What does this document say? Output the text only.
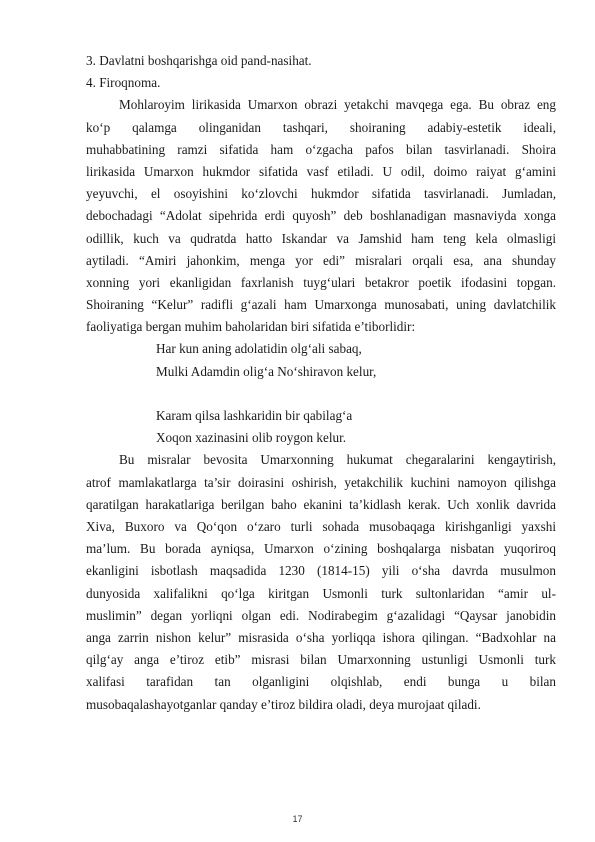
3. Davlatni boshqarishga oid pand-nasihat.
4. Firoqnoma.
Mohlaroyim lirikasida Umarxon obrazi yetakchi mavqega ega. Bu obraz eng
ko‘p qalamga olinganidan tashqari, shoiraning adabiy-estetik ideali,
muhabbatining ramzi sifatida ham o‘zgacha pafos bilan tasvirlanadi. Shoira
lirikasida Umarxon hukmdor sifatida vasf etiladi. U odil, doimo raiyat g‘amini
yeyuvchi, el osoyishini ko‘zlovchi hukmdor sifatida tasvirlanadi. Jumladan,
debochadagi “Adolat sipehrida erdi quyosh” deb boshlanadigan masnaviyda xonga
odillik, kuch va qudratda hatto Iskandar va Jamshid ham teng kela olmasligi
aytiladi. “Amiri jahonkim, menga yor edi” misralari orqali esa, ana shunday
xonning yori ekanligidan faxrlanish tuyg‘ulari betakror poetik ifodasini topgan.
Shoiraning “Kelur” radifli g‘azali ham Umarxonga munosabati, uning davlatchilik
faoliyatiga bergan muhim baholaridan biri sifatida e’tiborlidir:
Har kun aning adolatidin olg‘ali sabaq,
Mulki Adamdin olig‘a No‘shiravon kelur,
Karam qilsa lashkaridin bir qabilag‘a
Xoqon xazinasini olib roygon kelur.
Bu misralar bevosita Umarxonning hukumat chegaralarini kengaytirish,
atrof mamlakatlarga ta’sir doirasini oshirish, yetakchilik kuchini namoyon qilishga
qaratilgan harakatlariga berilgan baho ekanini ta’kidlash kerak. Uch xonlik davrida
Xiva, Buxoro va Qo‘qon o‘zaro turli sohada musobaqaga kirishganligi yaxshi
ma’lum. Bu borada ayniqsa, Umarxon o‘zining boshqalarga nisbatan yuqoriroq
ekanligini isbotlash maqsadida 1230 (1814-15) yili o‘sha davrda musulmon
dunyosida xalifalikni qo‘lga kiritgan Usmonli turk sultonlaridan “amir ul-
muslimin” degan yorliqni olgan edi. Nodirabegim g‘azalidagi “Qaysar janobidin
anga zarrin nishon kelur” misrasida o‘sha yorliqqa ishora qilingan. “Badxohlar na
qilg‘ay anga e’tiroz etib” misrasi bilan Umarxonning ustunligi Usmonli turk
xalifasi tarafidan tan olganligini olqishlab, endi bunga u bilan
musobaqalashayotganlar qanday e’tiroz bildira oladi, deya murojaat qiladi.
17
